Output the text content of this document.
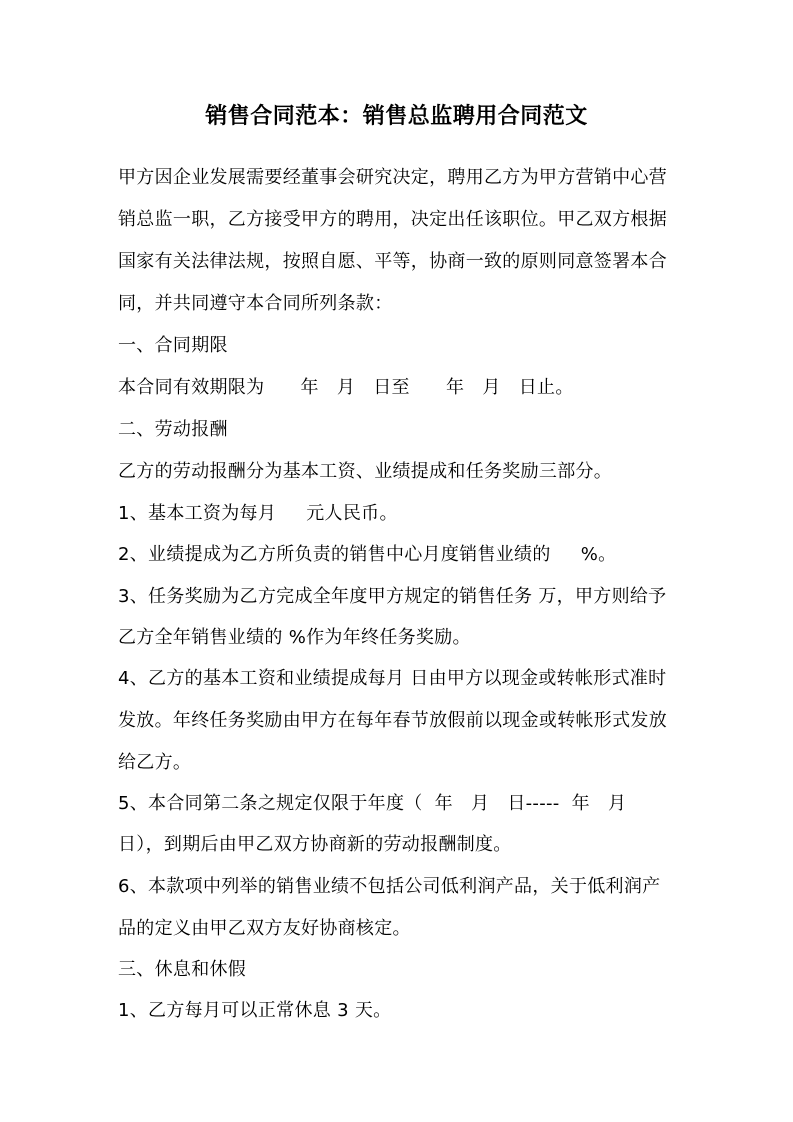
销售合同范本：销售总监聘用合同范文
甲方因企业发展需要经董事会研究决定，聘用乙方为甲方营销中心营
销总监一职，乙方接受甲方的聘用，决定出任该职位。甲乙双方根据
国家有关法律法规，按照自愿、平等，协商一致的原则同意签署本合
同，并共同遵守本合同所列条款：
一、合同期限
本合同有效期限为      年   月   日至      年   月   日止。
二、劳动报酬
乙方的劳动报酬分为基本工资、业绩提成和任务奖励三部分。
1、基本工资为每月     元人民币。
2、业绩提成为乙方所负责的销售中心月度销售业绩的     %。
3、任务奖励为乙方完成全年度甲方规定的销售任务 万，甲方则给予
乙方全年销售业绩的 %作为年终任务奖励。
4、乙方的基本工资和业绩提成每月 日由甲方以现金或转帐形式准时
发放。年终任务奖励由甲方在每年春节放假前以现金或转帐形式发放
给乙方。
5、本合同第二条之规定仅限于年度（  年   月   日-----  年   月
日），到期后由甲乙双方协商新的劳动报酬制度。
6、本款项中列举的销售业绩不包括公司低利润产品，关于低利润产
品的定义由甲乙双方友好协商核定。
三、休息和休假
1、乙方每月可以正常休息 3 天。
